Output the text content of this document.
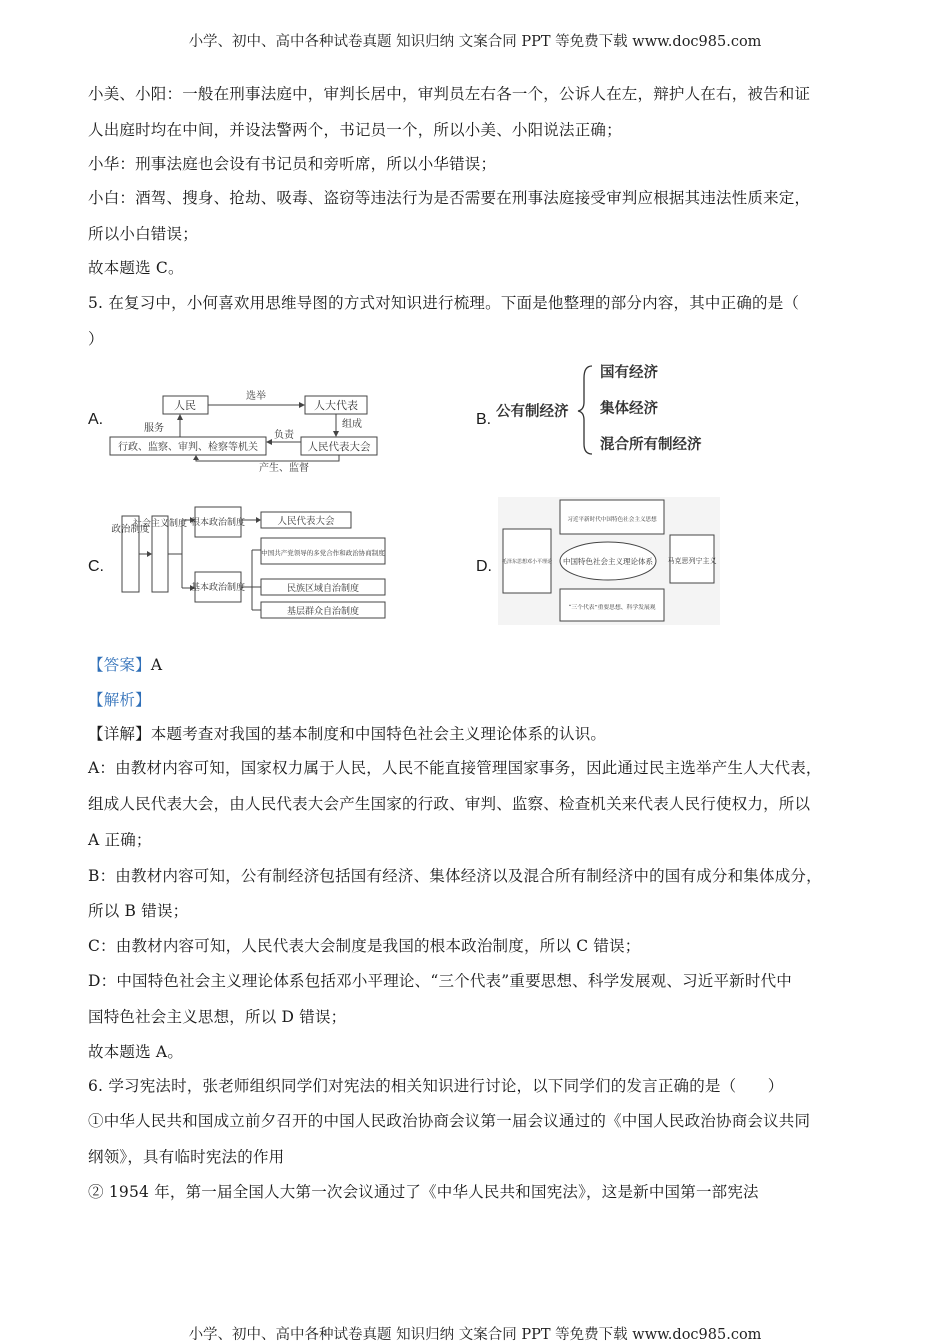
小学、初中、高中各种试卷真题 知识归纳 文案合同 PPT 等免费下载 www.doc985.com
小美、小阳：一般在刑事法庭中，审判长居中，审判员左右各一个，公诉人在左，辩护人在右，被告和证
人出庭时均在中间，并设法警两个，书记员一个，所以小美、小阳说法正确；
小华：刑事法庭也会设有书记员和旁听席，所以小华错误；
小白：酒驾、搜身、抢劫、吸毒、盗窃等违法行为是否需要在刑事法庭接受审判应根据其违法性质来定，
所以小白错误；
故本题选 C。
5. 在复习中，小何喜欢用思维导图的方式对知识进行梳理。下面是他整理的部分内容，其中正确的是（
）
A.	B.
C.	D.
人民	人大代表
选举
组成
人民代表大会
行政、监察、审判、检察等机关
服务
负责
产生、监督
公有制经济
国有经济
集体经济
混合所有制经济
政治制度
社会主义制度 根本政治制度	人民代表大会
基本政治制度
中国共产党领导的多党合作和政治协商制度
民族区域自治制度
基层群众自治制度
习近平新时代中国特色社会主义思想
毛泽东思想邓小平理论 中国特色社会主义理论体系 马克思列宁主义
“三个代表”重要思想、科学发展观
【答案】A
【解析】
【详解】本题考查对我国的基本制度和中国特色社会主义理论体系的认识。
A：由教材内容可知，国家权力属于人民，人民不能直接管理国家事务，因此通过民主选举产生人大代表，
组成人民代表大会，由人民代表大会产生国家的行政、审判、监察、检查机关来代表人民行使权力，所以
A 正确；
B：由教材内容可知，公有制经济包括国有经济、集体经济以及混合所有制经济中的国有成分和集体成分，
所以 B 错误；
C：由教材内容可知，人民代表大会制度是我国的根本政治制度，所以 C 错误；
D：中国特色社会主义理论体系包括邓小平理论、“三个代表”重要思想、科学发展观、习近平新时代中
国特色社会主义思想，所以 D 错误；
故本题选 A。
6. 学习宪法时，张老师组织同学们对宪法的相关知识进行讨论，以下同学们的发言正确的是（　　）
①中华人民共和国成立前夕召开的中国人民政治协商会议第一届会议通过的《中国人民政治协商会议共同
纲领》，具有临时宪法的作用
② 1954 年，第一届全国人大第一次会议通过了《中华人民共和国宪法》，这是新中国第一部宪法
小学、初中、高中各种试卷真题 知识归纳 文案合同 PPT 等免费下载 www.doc985.com
